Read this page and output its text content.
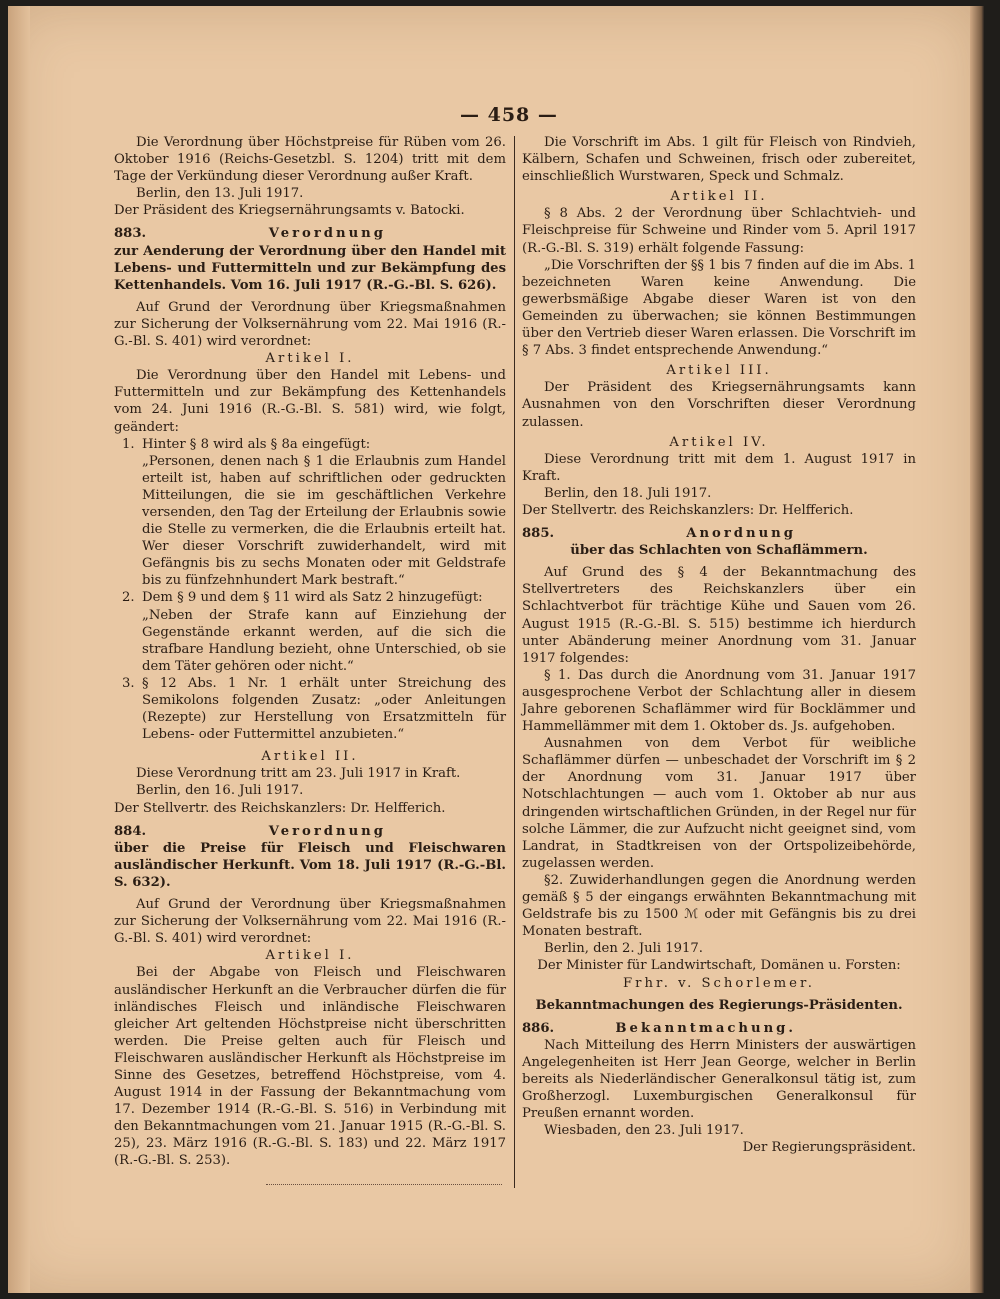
— 458 —

Die Verordnung über Höchstpreise für Rüben vom 26. Oktober 1916 (Reichs-Gesetzbl. S. 1204) tritt mit dem Tage der Verkündung dieser Verordnung außer Kraft.

Berlin, den 13. Juli 1917.

Der Präsident des Kriegsernährungsamts v. Batocki.

883.	Verordnung

zur Aenderung der Verordnung über den Handel mit Lebens- und Futtermitteln und zur Bekämpfung des Kettenhandels. Vom 16. Juli 1917 (R.-G.-Bl. S. 626).

Auf Grund der Verordnung über Kriegsmaßnahmen zur Sicherung der Volksernährung vom 22. Mai 1916 (R.-G.-Bl. S. 401) wird verordnet:

Artikel I.

Die Verordnung über den Handel mit Lebens- und Futtermitteln und zur Bekämpfung des Kettenhandels vom 24. Juni 1916 (R.-G.-Bl. S. 581) wird, wie folgt, geändert:

1. Hinter § 8 wird als § 8a eingefügt:

„Personen, denen nach § 1 die Erlaubnis zum Handel erteilt ist, haben auf schriftlichen oder gedruckten Mitteilungen, die sie im geschäftlichen Verkehre versenden, den Tag der Erteilung der Erlaubnis sowie die Stelle zu vermerken, die die Erlaubnis erteilt hat. Wer dieser Vorschrift zuwiderhandelt, wird mit Gefängnis bis zu sechs Monaten oder mit Geldstrafe bis zu fünfzehnhundert Mark bestraft.“

2. Dem § 9 und dem § 11 wird als Satz 2 hinzugefügt:

„Neben der Strafe kann auf Einziehung der Gegenstände erkannt werden, auf die sich die strafbare Handlung bezieht, ohne Unterschied, ob sie dem Täter gehören oder nicht.“

3. § 12 Abs. 1 Nr. 1 erhält unter Streichung des Semikolons folgenden Zusatz: „oder Anleitungen (Rezepte) zur Herstellung von Ersatzmitteln für Lebens- oder Futtermittel anzubieten.“

Artikel II.

Diese Verordnung tritt am 23. Juli 1917 in Kraft.

Berlin, den 16. Juli 1917.

Der Stellvertr. des Reichskanzlers: Dr. Helfferich.

884.	Verordnung

über die Preise für Fleisch und Fleischwaren ausländischer Herkunft. Vom 18. Juli 1917 (R.-G.-Bl. S. 632).

Auf Grund der Verordnung über Kriegsmaßnahmen zur Sicherung der Volksernährung vom 22. Mai 1916 (R.-G.-Bl. S. 401) wird verordnet:

Artikel I.

Bei der Abgabe von Fleisch und Fleischwaren ausländischer Herkunft an die Verbraucher dürfen die für inländisches Fleisch und inländische Fleischwaren gleicher Art geltenden Höchstpreise nicht überschritten werden. Die Preise gelten auch für Fleisch und Fleischwaren ausländischer Herkunft als Höchstpreise im Sinne des Gesetzes, betreffend Höchstpreise, vom 4. August 1914 in der Fassung der Bekanntmachung vom 17. Dezember 1914 (R.-G.-Bl. S. 516) in Verbindung mit den Bekanntmachungen vom 21. Januar 1915 (R.-G.-Bl. S. 25), 23. März 1916 (R.-G.-Bl. S. 183) und 22. März 1917 (R.-G.-Bl. S. 253).

Die Vorschrift im Abs. 1 gilt für Fleisch von Rindvieh, Kälbern, Schafen und Schweinen, frisch oder zubereitet, einschließlich Wurstwaren, Speck und Schmalz.

Artikel II.

§ 8 Abs. 2 der Verordnung über Schlachtvieh- und Fleischpreise für Schweine und Rinder vom 5. April 1917 (R.-G.-Bl. S. 319) erhält folgende Fassung:

„Die Vorschriften der §§ 1 bis 7 finden auf die im Abs. 1 bezeichneten Waren keine Anwendung. Die gewerbsmäßige Abgabe dieser Waren ist von den Gemeinden zu überwachen; sie können Bestimmungen über den Vertrieb dieser Waren erlassen. Die Vorschrift im § 7 Abs. 3 findet entsprechende Anwendung.“

Artikel III.

Der Präsident des Kriegsernährungsamts kann Ausnahmen von den Vorschriften dieser Verordnung zulassen.

Artikel IV.

Diese Verordnung tritt mit dem 1. August 1917 in Kraft.

Berlin, den 18. Juli 1917.

Der Stellvertr. des Reichskanzlers: Dr. Helfferich.

885.	Anordnung

über das Schlachten von Schaflämmern.

Auf Grund des § 4 der Bekanntmachung des Stellvertreters des Reichskanzlers über ein Schlachtverbot für trächtige Kühe und Sauen vom 26. August 1915 (R.-G.-Bl. S. 515) bestimme ich hierdurch unter Abänderung meiner Anordnung vom 31. Januar 1917 folgendes:

§ 1. Das durch die Anordnung vom 31. Januar 1917 ausgesprochene Verbot der Schlachtung aller in diesem Jahre geborenen Schaflämmer wird für Bocklämmer und Hammellämmer mit dem 1. Oktober ds. Js. aufgehoben.

Ausnahmen von dem Verbot für weibliche Schaflämmer dürfen — unbeschadet der Vorschrift im § 2 der Anordnung vom 31. Januar 1917 über Notschlachtungen — auch vom 1. Oktober ab nur aus dringenden wirtschaftlichen Gründen, in der Regel nur für solche Lämmer, die zur Aufzucht nicht geeignet sind, vom Landrat, in Stadtkreisen von der Ortspolizeibehörde, zugelassen werden.

§2. Zuwiderhandlungen gegen die Anordnung werden gemäß § 5 der eingangs erwähnten Bekanntmachung mit Geldstrafe bis zu 1500 ℳ oder mit Gefängnis bis zu drei Monaten bestraft.

Berlin, den 2. Juli 1917.

Der Minister für Landwirtschaft, Domänen u. Forsten:

Frhr. v. Schorlemer.

Bekanntmachungen des Regierungs-Präsidenten.

886.	Bekanntmachung.

Nach Mitteilung des Herrn Ministers der auswärtigen Angelegenheiten ist Herr Jean George, welcher in Berlin bereits als Niederländischer Generalkonsul tätig ist, zum Großherzogl. Luxemburgischen Generalkonsul für Preußen ernannt worden.

Wiesbaden, den 23. Juli 1917.

Der Regierungspräsident.
